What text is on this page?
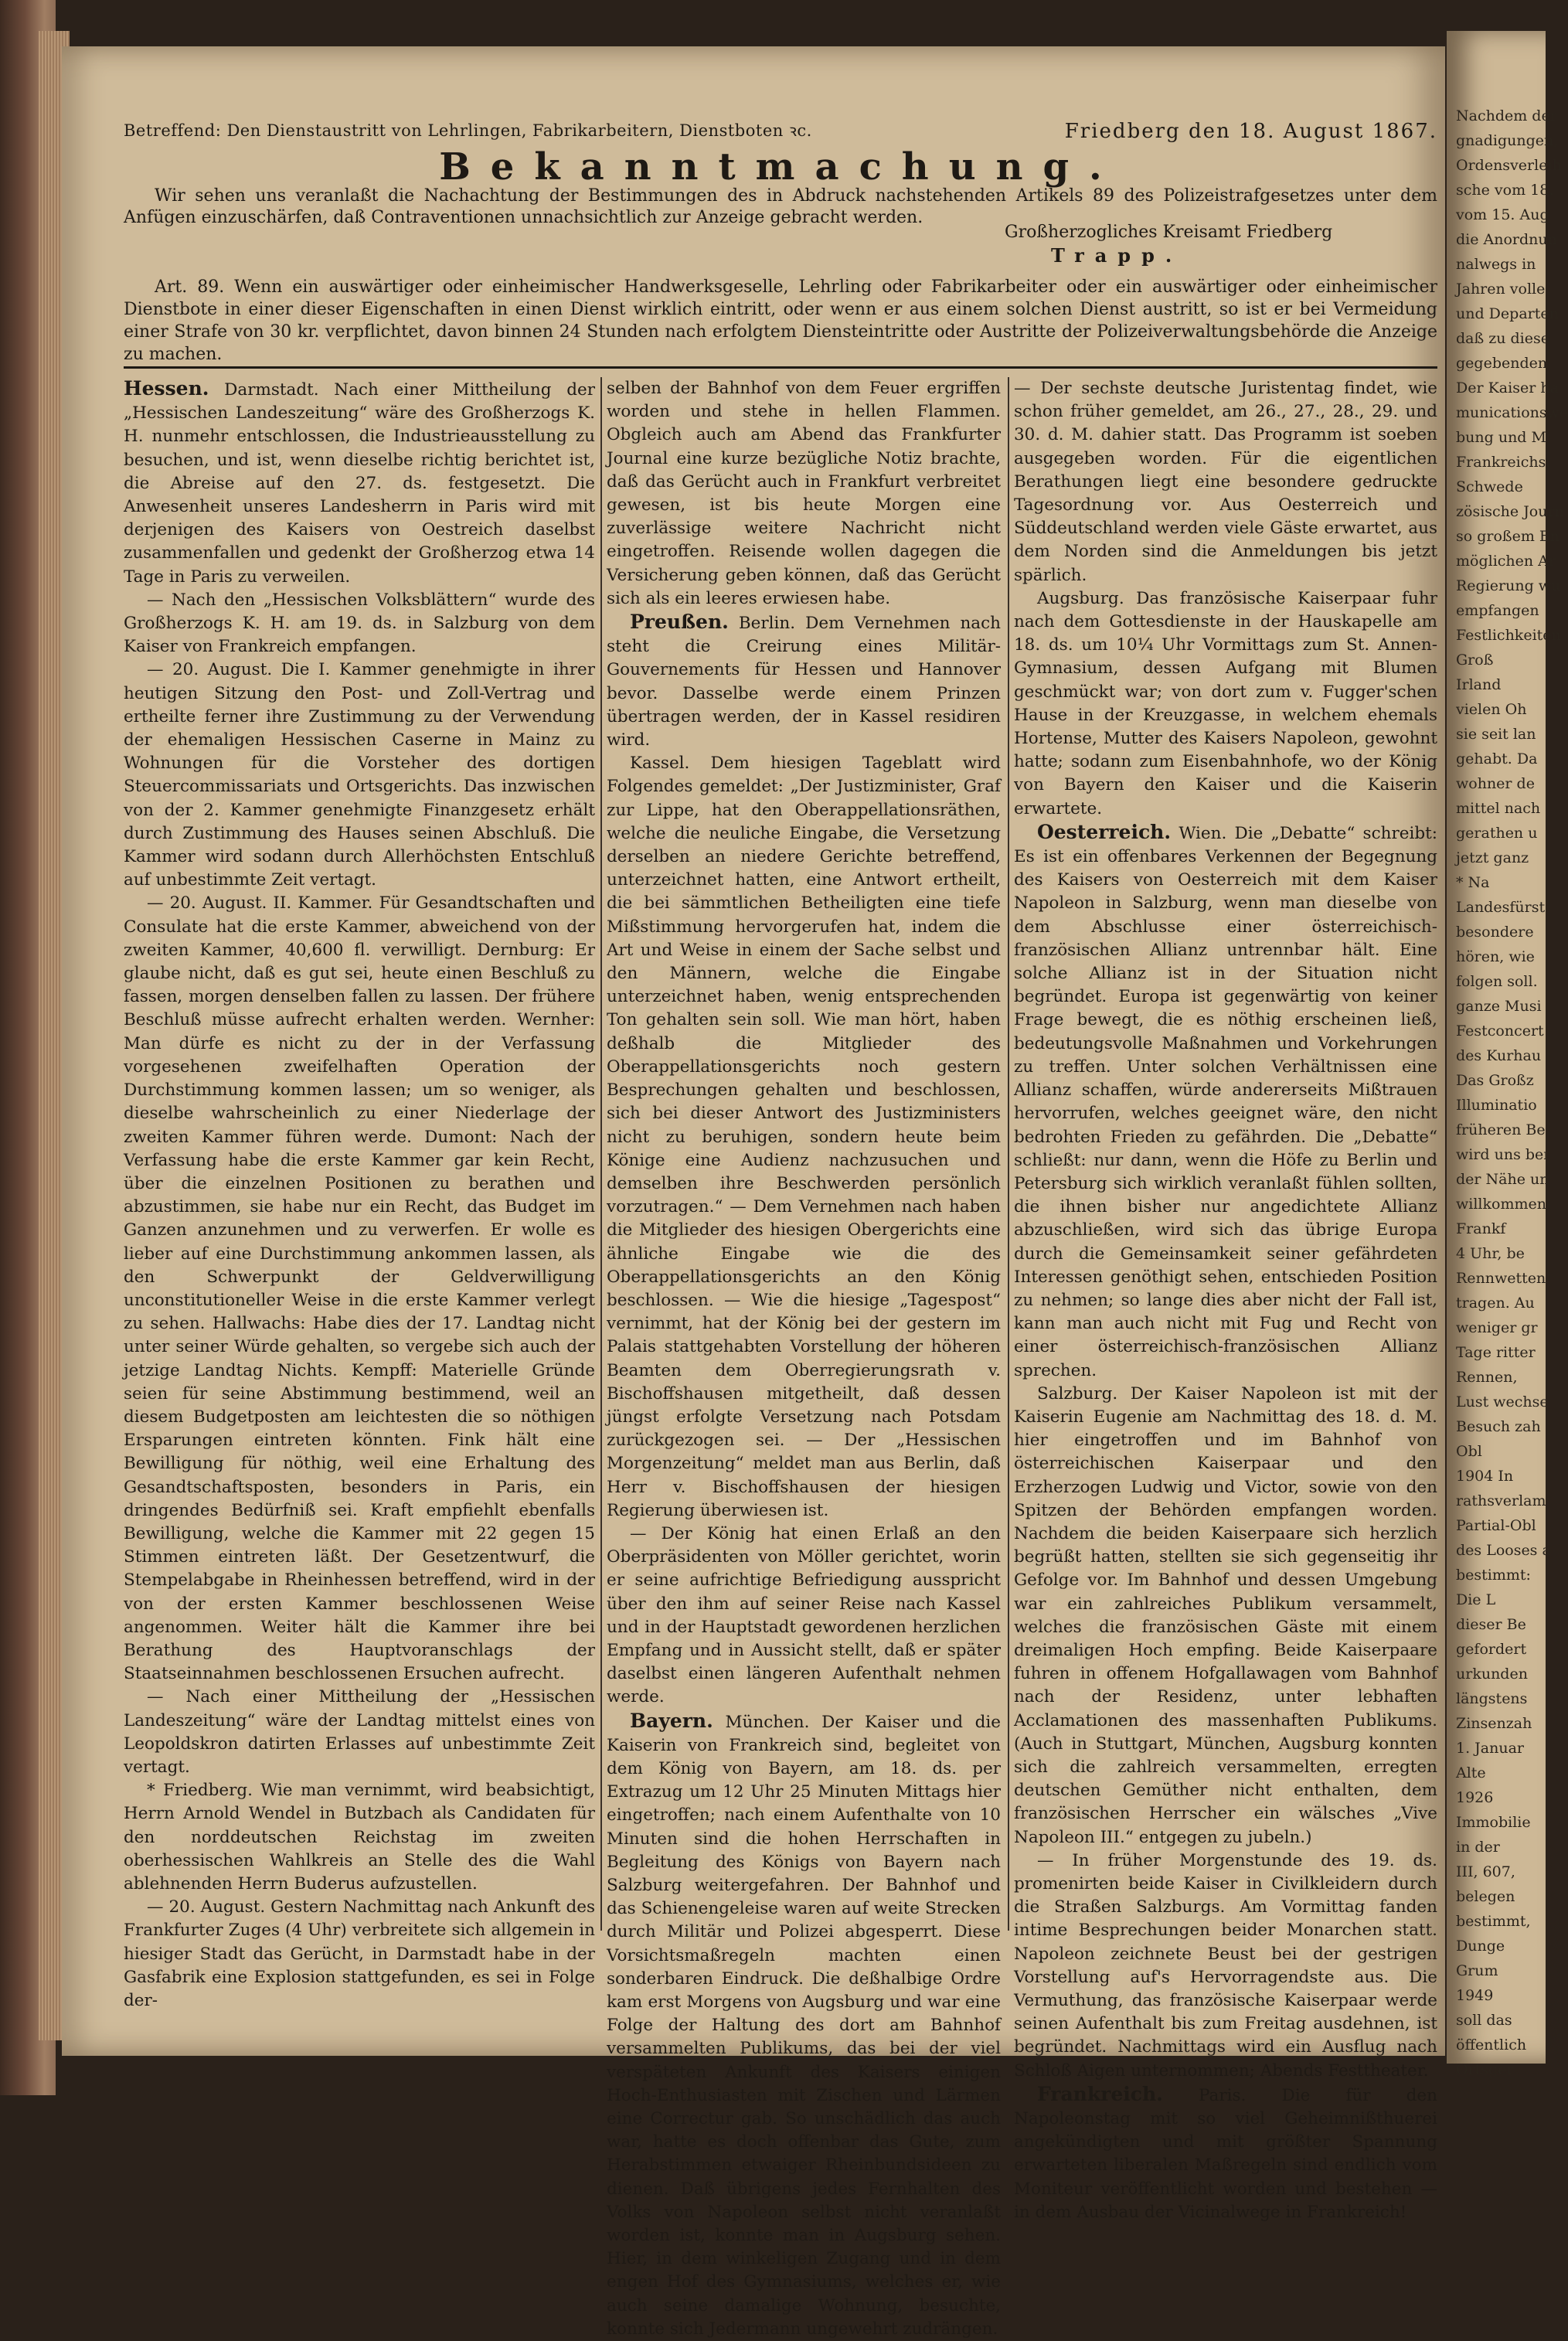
Betreffend: Den Dienstaustritt von Lehrlingen, Fabrikarbeitern, Dienstboten ꝛc.	Friedberg den 18. August 1867.
Bekanntmachung.
Wir sehen uns veranlaßt die Nachachtung der Bestimmungen des in Abdruck nachstehenden Artikels 89 des Polizeistrafgesetzes unter dem Anfügen einzuschärfen, daß Contraventionen unnachsichtlich zur Anzeige gebracht werden.
Großherzogliches Kreisamt Friedberg
Trapp.
Art. 89. Wenn ein auswärtiger oder einheimischer Handwerksgeselle, Lehrling oder Fabrikarbeiter oder ein auswärtiger oder einheimischer Dienstbote in einer dieser Eigenschaften in einen Dienst wirklich eintritt, oder wenn er aus einem solchen Dienst austritt, so ist er bei Vermeidung einer Strafe von 30 kr. verpflichtet, davon binnen 24 Stunden nach erfolgtem Diensteintritte oder Austritte der Polizeiverwaltungsbehörde die Anzeige zu machen.

Hessen. Darmstadt. Nach einer Mittheilung der „Hessischen Landeszeitung“ wäre des Großherzogs K. H. nunmehr entschlossen, die Industrieausstellung zu besuchen, und ist, wenn dieselbe richtig berichtet ist, die Abreise auf den 27. ds. festgesetzt. Die Anwesenheit unseres Landesherrn in Paris wird mit derjenigen des Kaisers von Oestreich daselbst zusammenfallen und gedenkt der Großherzog etwa 14 Tage in Paris zu verweilen.

— Nach den „Hessischen Volksblättern“ wurde des Großherzogs K. H. am 19. ds. in Salzburg von dem Kaiser von Frankreich empfangen.

— 20. August. Die I. Kammer genehmigte in ihrer heutigen Sitzung den Post- und Zoll-Vertrag und ertheilte ferner ihre Zustimmung zu der Verwendung der ehemaligen Hessischen Caserne in Mainz zu Wohnungen für die Vorsteher des dortigen Steuercommissariats und Ortsgerichts. Das inzwischen von der 2. Kammer genehmigte Finanzgesetz erhält durch Zustimmung des Hauses seinen Abschluß. Die Kammer wird sodann durch Allerhöchsten Entschluß auf unbestimmte Zeit vertagt.

— 20. August. II. Kammer. Für Gesandtschaften und Consulate hat die erste Kammer, abweichend von der zweiten Kammer, 40,600 fl. verwilligt. Dernburg: Er glaube nicht, daß es gut sei, heute einen Beschluß zu fassen, morgen denselben fallen zu lassen. Der frühere Beschluß müsse aufrecht erhalten werden. Wernher: Man dürfe es nicht zu der in der Verfassung vorgesehenen zweifelhaften Operation der Durchstimmung kommen lassen; um so weniger, als dieselbe wahrscheinlich zu einer Niederlage der zweiten Kammer führen werde. Dumont: Nach der Verfassung habe die erste Kammer gar kein Recht, über die einzelnen Positionen zu berathen und abzustimmen, sie habe nur ein Recht, das Budget im Ganzen anzunehmen und zu verwerfen. Er wolle es lieber auf eine Durchstimmung ankommen lassen, als den Schwerpunkt der Geldverwilligung unconstitutioneller Weise in die erste Kammer verlegt zu sehen. Hallwachs: Habe dies der 17. Landtag nicht unter seiner Würde gehalten, so vergebe sich auch der jetzige Landtag Nichts. Kempff: Materielle Gründe seien für seine Abstimmung bestimmend, weil an diesem Budgetposten am leichtesten die so nöthigen Ersparungen eintreten könnten. Fink hält eine Bewilligung für nöthig, weil eine Erhaltung des Gesandtschaftsposten, besonders in Paris, ein dringendes Bedürfniß sei. Kraft empfiehlt ebenfalls Bewilligung, welche die Kammer mit 22 gegen 15 Stimmen eintreten läßt. Der Gesetzentwurf, die Stempelabgabe in Rheinhessen betreffend, wird in der von der ersten Kammer beschlossenen Weise angenommen. Weiter hält die Kammer ihre bei Berathung des Hauptvoranschlags der Staatseinnahmen beschlossenen Ersuchen aufrecht.

— Nach einer Mittheilung der „Hessischen Landeszeitung“ wäre der Landtag mittelst eines von Leopoldskron datirten Erlasses auf unbestimmte Zeit vertagt.

* Friedberg. Wie man vernimmt, wird beabsichtigt, Herrn Arnold Wendel in Butzbach als Candidaten für den norddeutschen Reichstag im zweiten oberhessischen Wahlkreis an Stelle des die Wahl ablehnenden Herrn Buderus aufzustellen.

— 20. August. Gestern Nachmittag nach Ankunft des Frankfurter Zuges (4 Uhr) verbreitete sich allgemein in hiesiger Stadt das Gerücht, in Darmstadt habe in der Gasfabrik eine Explosion stattgefunden, es sei in Folge der-

selben der Bahnhof von dem Feuer ergriffen worden und stehe in hellen Flammen. Obgleich auch am Abend das Frankfurter Journal eine kurze bezügliche Notiz brachte, daß das Gerücht auch in Frankfurt verbreitet gewesen, ist bis heute Morgen eine zuverlässige weitere Nachricht nicht eingetroffen. Reisende wollen dagegen die Versicherung geben können, daß das Gerücht sich als ein leeres erwiesen habe.

Preußen. Berlin. Dem Vernehmen nach steht die Creirung eines Militär-Gouvernements für Hessen und Hannover bevor. Dasselbe werde einem Prinzen übertragen werden, der in Kassel residiren wird.

Kassel. Dem hiesigen Tageblatt wird Folgendes gemeldet: „Der Justizminister, Graf zur Lippe, hat den Oberappellationsräthen, welche die neuliche Eingabe, die Versetzung derselben an niedere Gerichte betreffend, unterzeichnet hatten, eine Antwort ertheilt, die bei sämmtlichen Betheiligten eine tiefe Mißstimmung hervorgerufen hat, indem die Art und Weise in einem der Sache selbst und den Männern, welche die Eingabe unterzeichnet haben, wenig entsprechenden Ton gehalten sein soll. Wie man hört, haben deßhalb die Mitglieder des Oberappellationsgerichts noch gestern Besprechungen gehalten und beschlossen, sich bei dieser Antwort des Justizministers nicht zu beruhigen, sondern heute beim Könige eine Audienz nachzusuchen und demselben ihre Beschwerden persönlich vorzutragen.“ — Dem Vernehmen nach haben die Mitglieder des hiesigen Obergerichts eine ähnliche Eingabe wie die des Oberappellationsgerichts an den König beschlossen. — Wie die hiesige „Tagespost“ vernimmt, hat der König bei der gestern im Palais stattgehabten Vorstellung der höheren Beamten dem Oberregierungsrath v. Bischoffshausen mitgetheilt, daß dessen jüngst erfolgte Versetzung nach Potsdam zurückgezogen sei. — Der „Hessischen Morgenzeitung“ meldet man aus Berlin, daß Herr v. Bischoffshausen der hiesigen Regierung überwiesen ist.

— Der König hat einen Erlaß an den Oberpräsidenten von Möller gerichtet, worin er seine aufrichtige Befriedigung ausspricht über den ihm auf seiner Reise nach Kassel und in der Hauptstadt gewordenen herzlichen Empfang und in Aussicht stellt, daß er später daselbst einen längeren Aufenthalt nehmen werde.

Bayern. München. Der Kaiser und die Kaiserin von Frankreich sind, begleitet von dem König von Bayern, am 18. ds. per Extrazug um 12 Uhr 25 Minuten Mittags hier eingetroffen; nach einem Aufenthalte von 10 Minuten sind die hohen Herrschaften in Begleitung des Königs von Bayern nach Salzburg weitergefahren. Der Bahnhof und das Schienengeleise waren auf weite Strecken durch Militär und Polizei abgesperrt. Diese Vorsichtsmaßregeln machten einen sonderbaren Eindruck. Die deßhalbige Ordre kam erst Morgens von Augsburg und war eine Folge der Haltung des dort am Bahnhof versammelten Publikums, das bei der viel verspäteten Ankunft des Kaisers einigen Hoch-Enthusiasten mit Zischen und Lärmen eine Correctur gab. So unschädlich das auch war, hatte es doch offenbar das Gute, zum Herabstimmen etwaiger Rheinbundsideen zu dienen. Daß übrigens jedes Fernhalten des Volks von Napoleon selbst nicht veranlaßt worden ist, konnte man in Augsburg sehen. Hier, in dem winkeligen Zugang und in dem engen Hof des Gymnasiums, welches er, wie auch seine damalige Wohnung, besuchte, konnte sich Jedermann ungewehrt zudrängen.

— Der sechste deutsche Juristentag findet, wie schon früher gemeldet, am 26., 27., 28., 29. und 30. d. M. dahier statt. Das Programm ist soeben ausgegeben worden. Für die eigentlichen Berathungen liegt eine besondere gedruckte Tagesordnung vor. Aus Oesterreich und Süddeutschland werden viele Gäste erwartet, aus dem Norden sind die Anmeldungen bis jetzt spärlich.

Augsburg. Das französische Kaiserpaar fuhr nach dem Gottesdienste in der Hauskapelle am 18. ds. um 10¼ Uhr Vormittags zum St. Annen-Gymnasium, dessen Aufgang mit Blumen geschmückt war; von dort zum v. Fugger'schen Hause in der Kreuzgasse, in welchem ehemals Hortense, Mutter des Kaisers Napoleon, gewohnt hatte; sodann zum Eisenbahnhofe, wo der König von Bayern den Kaiser und die Kaiserin erwartete.

Oesterreich. Wien. Die „Debatte“ schreibt: Es ist ein offenbares Verkennen der Begegnung des Kaisers von Oesterreich mit dem Kaiser Napoleon in Salzburg, wenn man dieselbe von dem Abschlusse einer österreichisch-französischen Allianz untrennbar hält. Eine solche Allianz ist in der Situation nicht begründet. Europa ist gegenwärtig von keiner Frage bewegt, die es nöthig erscheinen ließ, bedeutungsvolle Maßnahmen und Vorkehrungen zu treffen. Unter solchen Verhältnissen eine Allianz schaffen, würde andererseits Mißtrauen hervorrufen, welches geeignet wäre, den nicht bedrohten Frieden zu gefährden. Die „Debatte“ schließt: nur dann, wenn die Höfe zu Berlin und Petersburg sich wirklich veranlaßt fühlen sollten, die ihnen bisher nur angedichtete Allianz abzuschließen, wird sich das übrige Europa durch die Gemeinsamkeit seiner gefährdeten Interessen genöthigt sehen, entschieden Position zu nehmen; so lange dies aber nicht der Fall ist, kann man auch nicht mit Fug und Recht von einer österreichisch-französischen Allianz sprechen.

Salzburg. Der Kaiser Napoleon ist mit der Kaiserin Eugenie am Nachmittag des 18. d. M. hier eingetroffen und im Bahnhof von österreichischen Kaiserpaar und den Erzherzogen Ludwig und Victor, sowie von den Spitzen der Behörden empfangen worden. Nachdem die beiden Kaiserpaare sich herzlich begrüßt hatten, stellten sie sich gegenseitig ihr Gefolge vor. Im Bahnhof und dessen Umgebung war ein zahlreiches Publikum versammelt, welches die französischen Gäste mit einem dreimaligen Hoch empfing. Beide Kaiserpaare fuhren in offenem Hofgallawagen vom Bahnhof nach der Residenz, unter lebhaften Acclamationen des massenhaften Publikums. (Auch in Stuttgart, München, Augsburg konnten sich die zahlreich versammelten, erregten deutschen Gemüther nicht enthalten, dem französischen Herrscher ein wälsches „Vive Napoleon III.“ entgegen zu jubeln.)

— In früher Morgenstunde des 19. ds. promenirten beide Kaiser in Civilkleidern durch die Straßen Salzburgs. Am Vormittag fanden intime Besprechungen beider Monarchen statt. Napoleon zeichnete Beust bei der gestrigen Vorstellung auf's Hervorragendste aus. Die Vermuthung, das französische Kaiserpaar werde seinen Aufenthalt bis zum Freitag ausdehnen, ist begründet. Nachmittags wird ein Ausflug nach Schloß Aigen unternommen; Abends Festtheater.

Frankreich. Paris. Die für den Napoleonstag mit so viel Geheimnißthuerei angekündigten und mit größter Spannung erwarteten liberalen Maßregeln sind endlich vom Moniteur veröffentlicht worden und bestehen — in dem Ausbau der Vicinalwege in Frankreich!

Nachdem der
gnadigungen,
Ordensverleih
sche vom 18.
vom 15. Aug
die Anordnun
nalwegs in
Jahren volle
und Departen
daß zu diese
gegebenden
Der Kaiser ha
municationswe
bung und M
Frankreichs.
Schwede
zösische Journ
so großem En
möglichen Ar
Regierung wu
empfangen
Festlichkeiten
Groß
Irland
vielen Oh
sie seit lan
gehabt. Da
wohner de
mittel nach
gerathen u
jetzt ganz
* Na
Landesfürst
besondere
hören, wie
folgen soll.
ganze Musi
Festconcert
des Kurhau
Das Großz
Illuminatio
früheren Be
wird uns ber
der Nähe un
willkommen
Frankf
4 Uhr, be
Rennwetten
tragen. Au
weniger gr
Tage ritter
Rennen,
Lust wechse
Besuch zah
Obl
1904 In
rathsverlam
Partial-Obl
des Looses a
bestimmt:
Die L
dieser Be
gefordert
urkunden
längstens
Zinsenzah
1. Januar
Alte
1926
Immobilie
in der
III, 607,
belegen
bestimmt,
Dunge
Grum
1949
soll das
öffentlich
Ortsger
